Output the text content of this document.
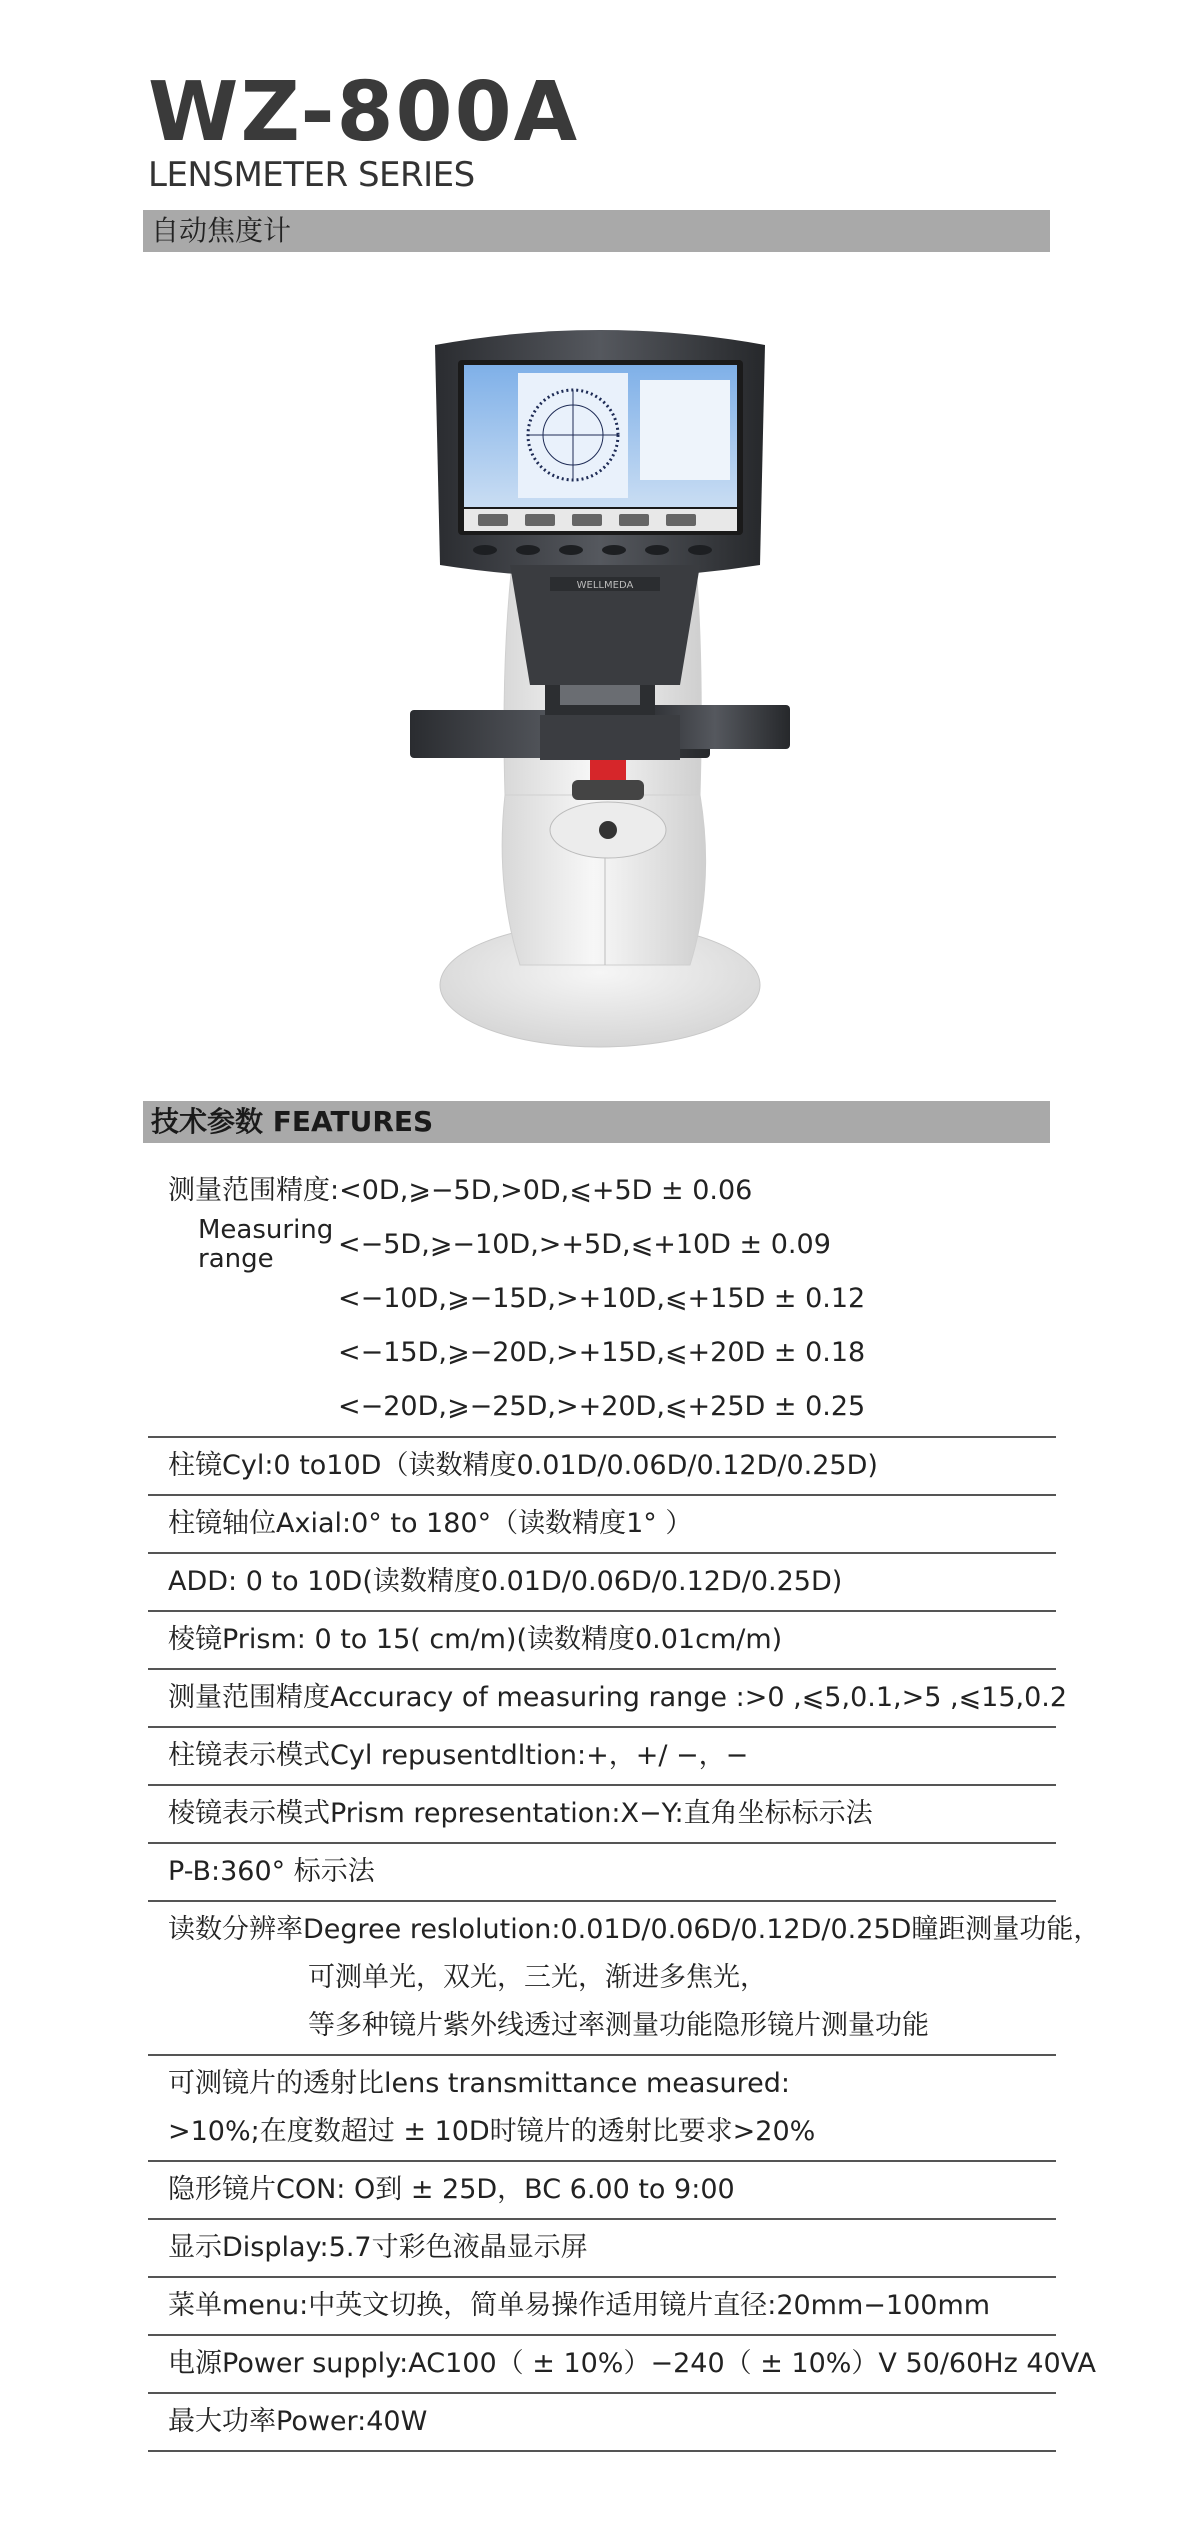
WZ-800A
LENSMETER SERIES
自动焦度计
WELLMEDA
技术参数 FEATURES
测量范围精度:<0D,⩾−5D,>0D,⩽+5D ± 0.06
Measuring
range	<−5D,⩾−10D,>+5D,⩽+10D ± 0.09
<−10D,⩾−15D,>+10D,⩽+15D ± 0.12
<−15D,⩾−20D,>+15D,⩽+20D ± 0.18
<−20D,⩾−25D,>+20D,⩽+25D ± 0.25
柱镜Cyl:0 to10D（读数精度0.01D/0.06D/0.12D/0.25D)
柱镜轴位Axial:0° to 180°（读数精度1° ）
ADD: 0 to 10D(读数精度0.01D/0.06D/0.12D/0.25D)
棱镜Prism: 0 to 15( cm/m)(读数精度0.01cm/m)
测量范围精度Accuracy of measuring range :>0 ,⩽5,0.1,>5 ,⩽15,0.2
柱镜表示模式Cyl repusentdltion:+，+/ −，−
棱镜表示模式Prism representation:X−Y:直角坐标标示法
P-B:360° 标示法
读数分辨率Degree reslolution:0.01D/0.06D/0.12D/0.25D瞳距测量功能，
可测单光，双光，三光，渐进多焦光，
等多种镜片紫外线透过率测量功能隐形镜片测量功能
可测镜片的透射比lens transmittance measured:
>10%;在度数超过 ± 10D时镜片的透射比要求>20%
隐形镜片CON: O到 ± 25D，BC 6.00 to 9:00
显示Display:5.7寸彩色液晶显示屏
菜单menu:中英文切换，简单易操作适用镜片直径:20mm−100mm
电源Power supply:AC100（ ± 10%）−240（ ± 10%）V 50/60Hz 40VA
最大功率Power:40W
